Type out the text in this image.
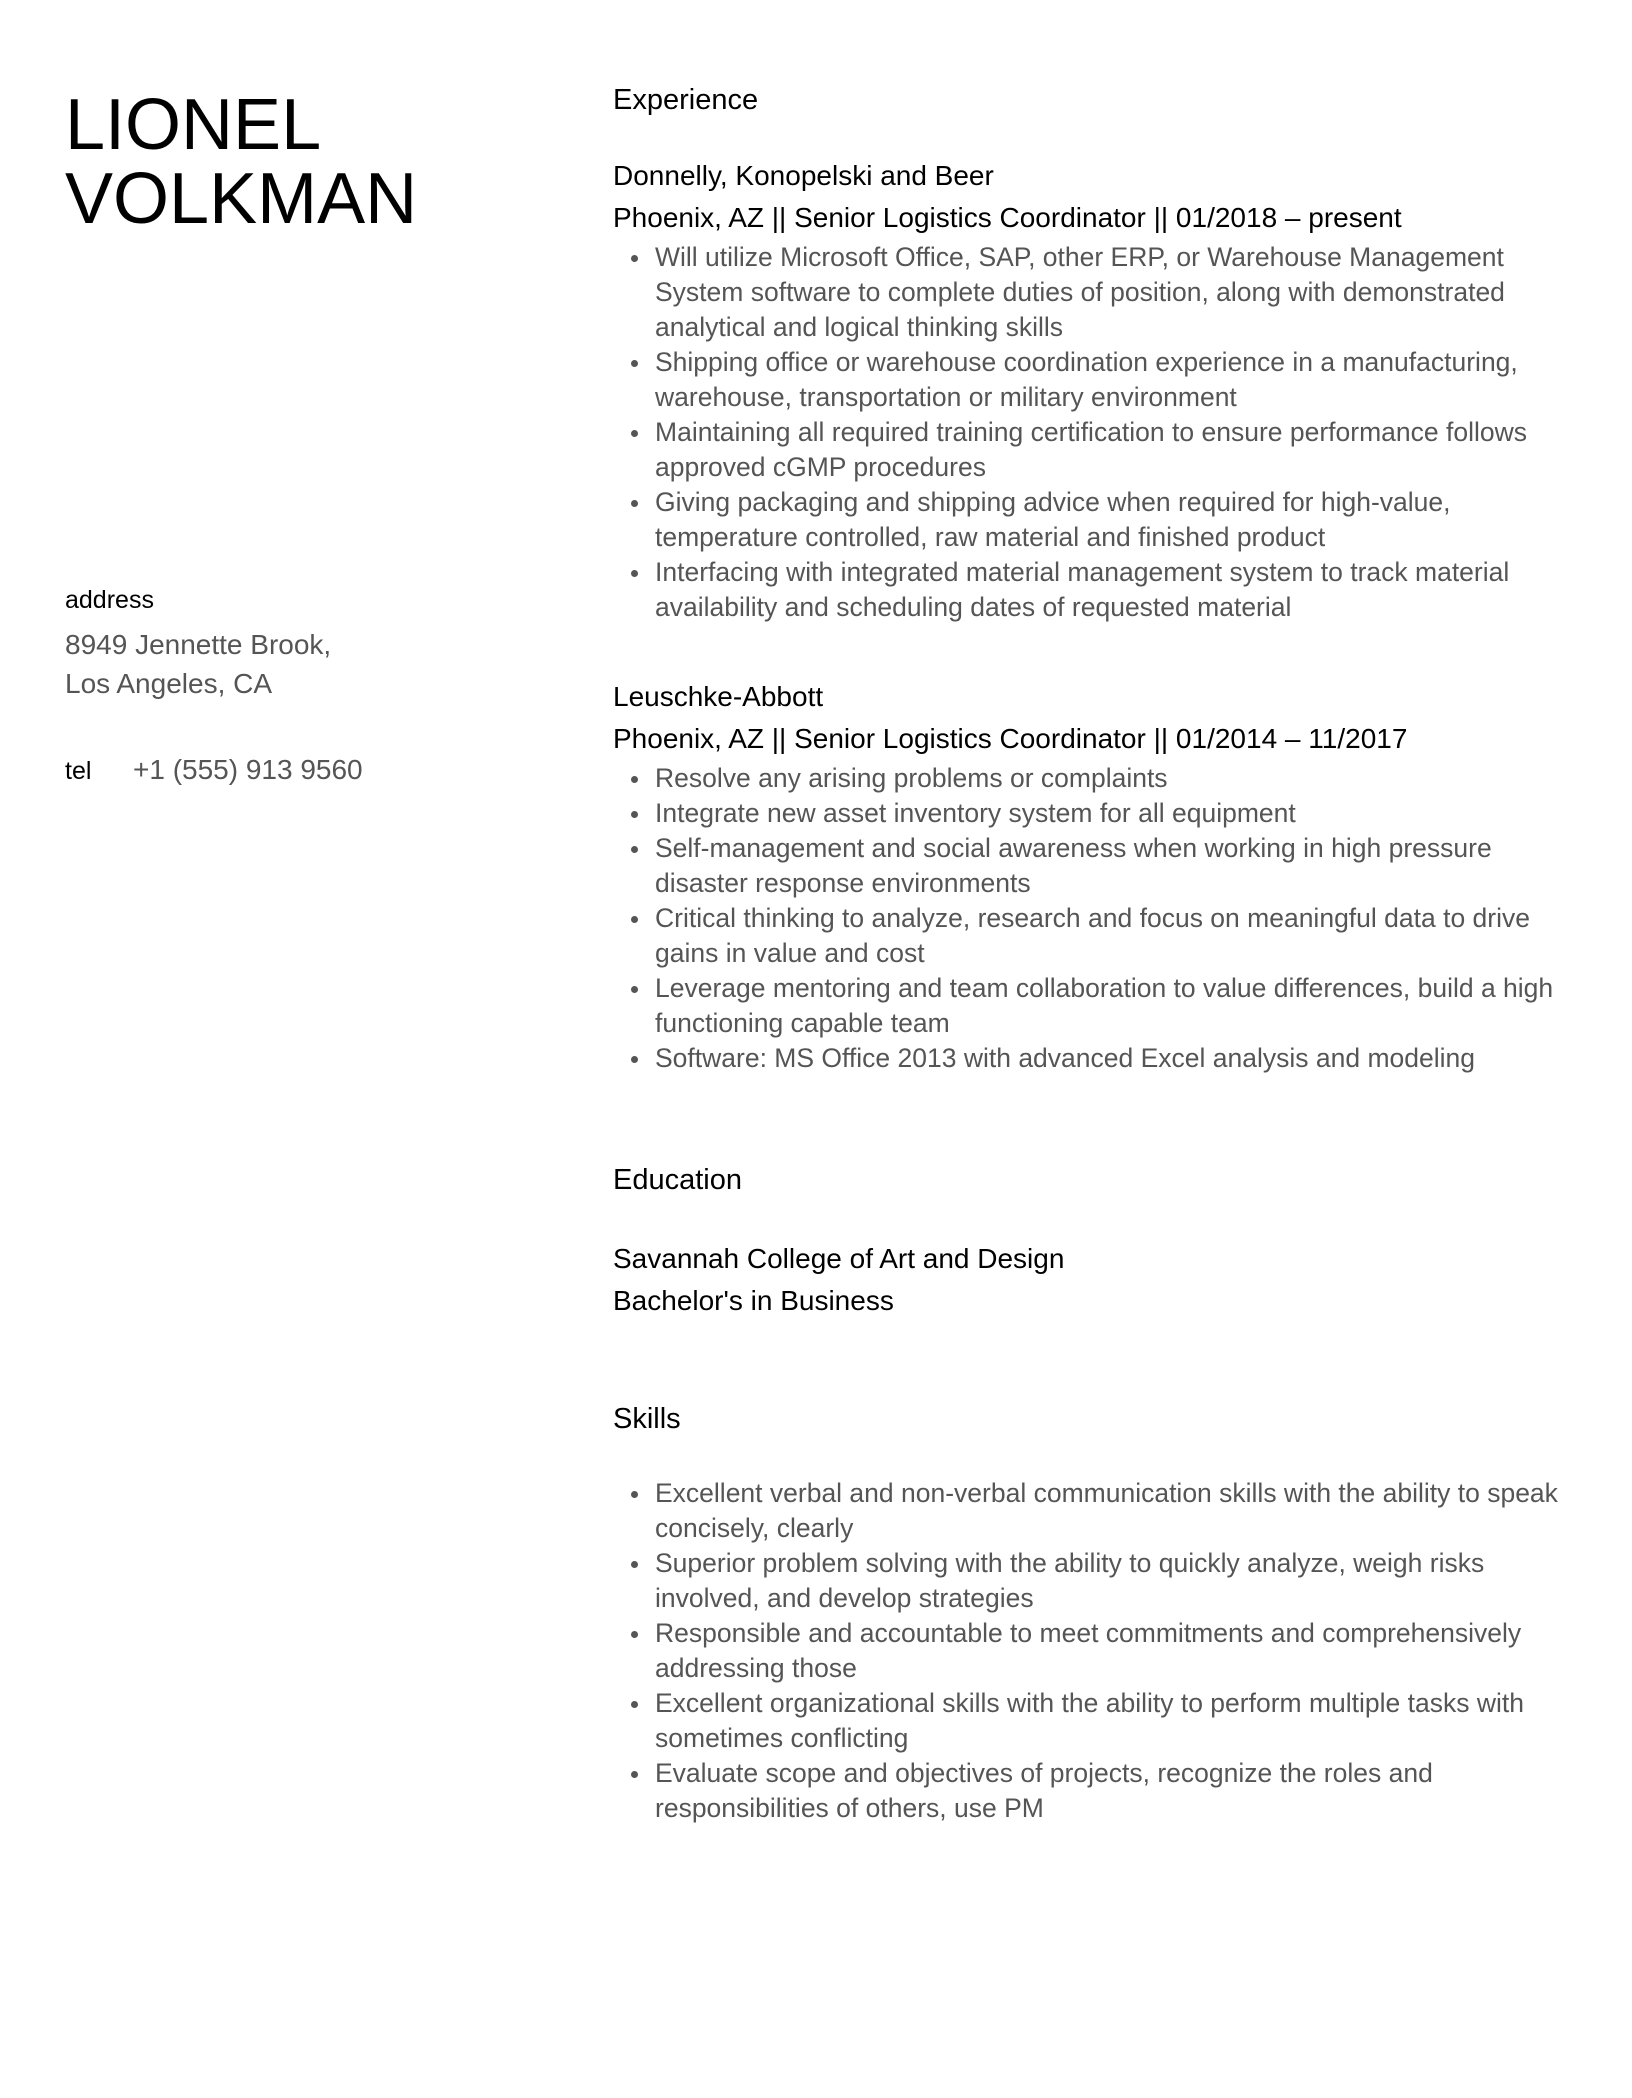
LIONEL
VOLKMAN
address
8949 Jennette Brook,
Los Angeles, CA
tel	+1 (555) 913 9560
Experience
Donnelly, Konopelski and Beer
Phoenix, AZ || Senior Logistics Coordinator || 01/2018 – present
Will utilize Microsoft Office, SAP, other ERP, or Warehouse Management System software to complete duties of position, along with demonstrated analytical and logical thinking skills
Shipping office or warehouse coordination experience in a manufacturing, warehouse, transportation or military environment
Maintaining all required training certification to ensure performance follows approved cGMP procedures
Giving packaging and shipping advice when required for high-value, temperature controlled, raw material and finished product
Interfacing with integrated material management system to track material availability and scheduling dates of requested material
Leuschke-Abbott
Phoenix, AZ || Senior Logistics Coordinator || 01/2014 – 11/2017
Resolve any arising problems or complaints
Integrate new asset inventory system for all equipment
Self-management and social awareness when working in high pressure disaster response environments
Critical thinking to analyze, research and focus on meaningful data to drive gains in value and cost
Leverage mentoring and team collaboration to value differences, build a high functioning capable team
Software: MS Office 2013 with advanced Excel analysis and modeling
Education
Savannah College of Art and Design
Bachelor's in Business
Skills
Excellent verbal and non-verbal communication skills with the ability to speak concisely, clearly
Superior problem solving with the ability to quickly analyze, weigh risks involved, and develop strategies
Responsible and accountable to meet commitments and comprehensively addressing those
Excellent organizational skills with the ability to perform multiple tasks with sometimes conflicting
Evaluate scope and objectives of projects, recognize the roles and responsibilities of others, use PM
